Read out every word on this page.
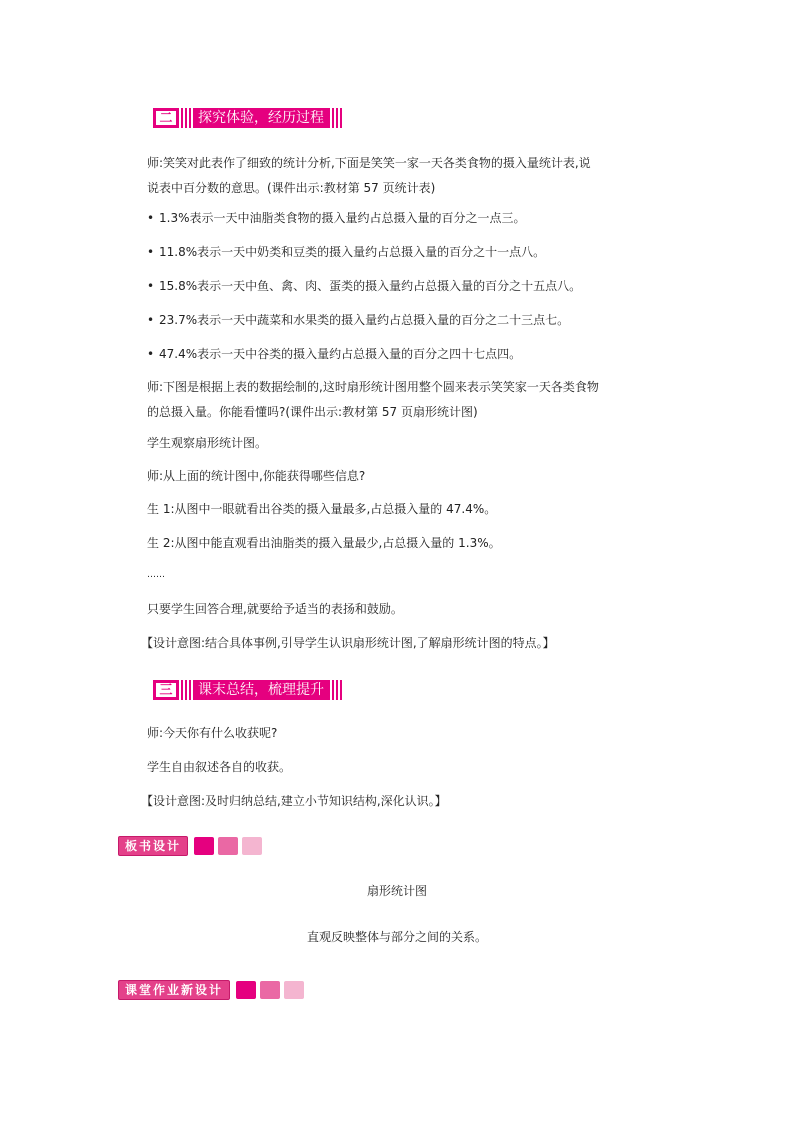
二	探究体验，经历过程
师:笑笑对此表作了细致的统计分析,下面是笑笑一家一天各类食物的摄入量统计表,说
说表中百分数的意思。(课件出示:教材第 57 页统计表)
• 1.3%表示一天中油脂类食物的摄入量约占总摄入量的百分之一点三。
• 11.8%表示一天中奶类和豆类的摄入量约占总摄入量的百分之十一点八。
• 15.8%表示一天中鱼、禽、肉、蛋类的摄入量约占总摄入量的百分之十五点八。
• 23.7%表示一天中蔬菜和水果类的摄入量约占总摄入量的百分之二十三点七。
• 47.4%表示一天中谷类的摄入量约占总摄入量的百分之四十七点四。
师:下图是根据上表的数据绘制的,这时扇形统计图用整个圆来表示笑笑家一天各类食物
的总摄入量。你能看懂吗?(课件出示:教材第 57 页扇形统计图)
学生观察扇形统计图。
师:从上面的统计图中,你能获得哪些信息?
生 1:从图中一眼就看出谷类的摄入量最多,占总摄入量的 47.4%。
生 2:从图中能直观看出油脂类的摄入量最少,占总摄入量的 1.3%。
……
只要学生回答合理,就要给予适当的表扬和鼓励。
【设计意图:结合具体事例,引导学生认识扇形统计图,了解扇形统计图的特点。】
三	课末总结，梳理提升
师:今天你有什么收获呢?
学生自由叙述各自的收获。
【设计意图:及时归纳总结,建立小节知识结构,深化认识。】
板书设计
扇形统计图
直观反映整体与部分之间的关系。
课堂作业新设计
